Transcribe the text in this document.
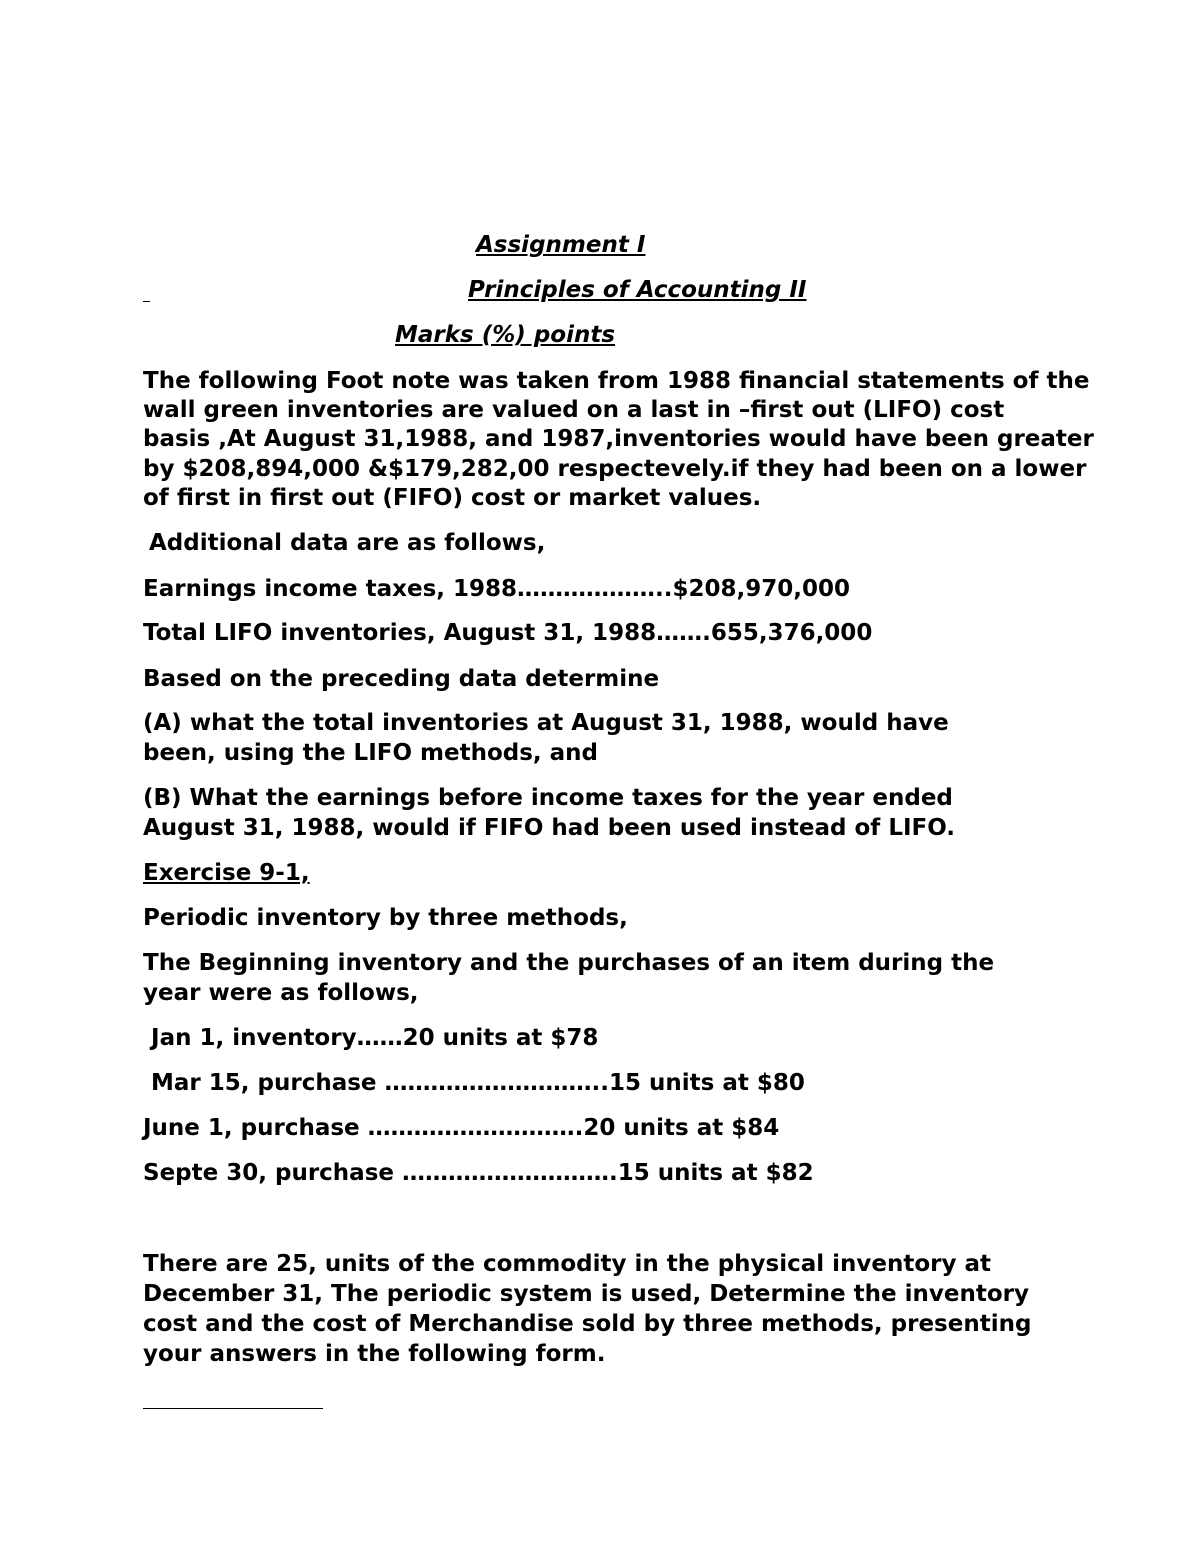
Assignment I

Principles of Accounting II

Marks (%) points

The following Foot note was taken from 1988 financial statements of the

wall green inventories are valued on a last in –first out (LIFO) cost

basis ,At August 31,1988, and 1987,inventories would have been greater

by $208,894,000 &$179,282,00 respectevely.if they had been on a lower

of first in first out (FIFO) cost or market values.

Additional data are as follows,

Earnings income taxes, 1988………………..$208,970,000

Total LIFO inventories, August 31, 1988…….655,376,000

Based on the preceding data determine

(A) what the total inventories at August 31, 1988, would have

been, using the LIFO methods, and

(B) What the earnings before income taxes for the year ended

August 31, 1988, would if FIFO had been used instead of LIFO.

Exercise 9-1,

Periodic inventory by three methods,

The Beginning inventory and the purchases of an item during the

year were as follows,

Jan 1, inventory……20 units at $78

Mar 15, purchase ………………………..15 units at $80

June 1, purchase ……………………….20 units at $84

Septe 30, purchase ……………………….15 units at $82

There are 25, units of the commodity in the physical inventory at

December 31, The periodic system is used, Determine the inventory

cost and the cost of Merchandise sold by three methods, presenting

your answers in the following form.
